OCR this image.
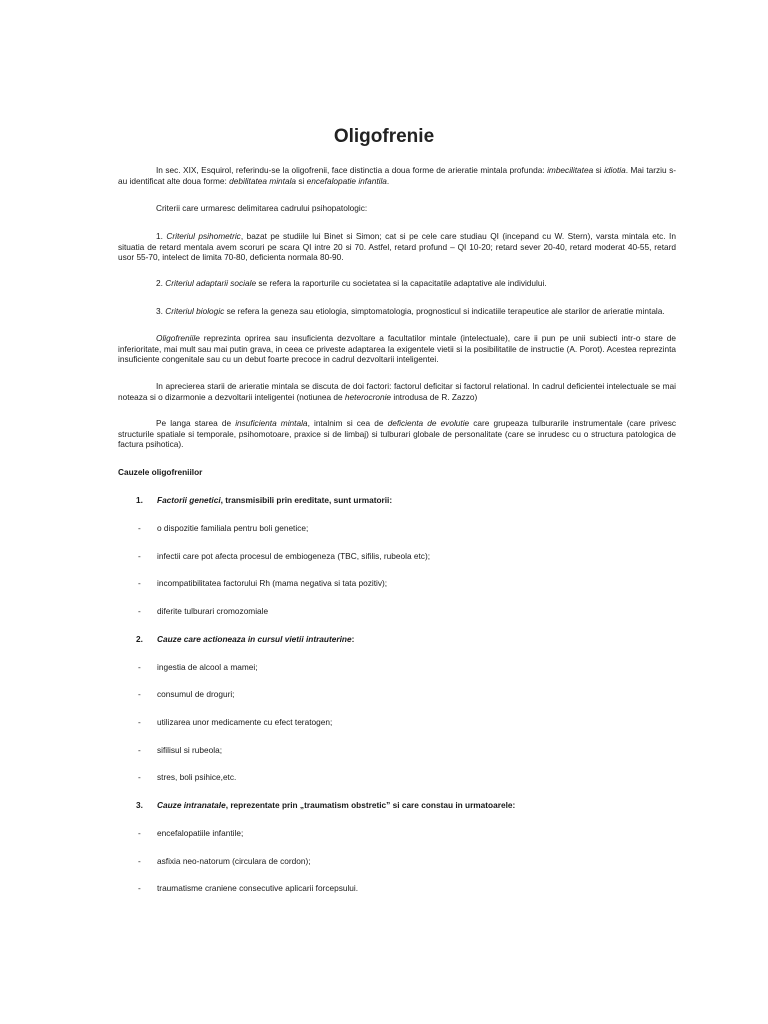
Oligofrenie

In sec. XIX, Esquirol, referindu-se la oligofrenii, face distinctia a doua forme de arieratie mintala profunda: imbecilitatea si idiotia. Mai tarziu s-au identificat alte doua forme: debilitatea mintala si encefalopatie infantila.

Criterii care urmaresc delimitarea cadrului psihopatologic:

1. Criteriul psihometric, bazat pe studiile lui Binet si Simon; cat si pe cele care studiau QI (incepand cu W. Stern), varsta mintala etc. In situatia de retard mentala avem scoruri pe scara QI intre 20 si 70. Astfel, retard profund – QI 10-20; retard sever 20-40, retard moderat 40-55, retard usor 55-70, intelect de limita 70-80, deficienta normala 80-90.

2. Criteriul adaptarii sociale se refera la raporturile cu societatea si la capacitatile adaptative ale individului.

3. Criteriul biologic se refera la geneza sau etiologia, simptomatologia, prognosticul si indicatiile terapeutice ale starilor de arieratie mintala.

Oligofreniile reprezinta oprirea sau insuficienta dezvoltare a facultatilor mintale (intelectuale), care ii pun pe unii subiecti intr-o stare de inferioritate, mai mult sau mai putin grava, in ceea ce priveste adaptarea la exigentele vietii si la posibilitatile de instructie (A. Porot). Acestea reprezinta insuficiente congenitale sau cu un debut foarte precoce in cadrul dezvoltarii inteligentei.

In aprecierea starii de arieratie mintala se discuta de doi factori: factorul deficitar si factorul relational. In cadrul deficientei intelectuale se mai noteaza si o dizarmonie a dezvoltarii inteligentei (notiunea de heterocronie introdusa de R. Zazzo)

Pe langa starea de insuficienta mintala, intalnim si cea de deficienta de evolutie care grupeaza tulburarile instrumentale (care privesc structurile spatiale si temporale, psihomotoare, praxice si de limbaj) si tulburari globale de personalitate (care se inrudesc cu o structura patologica de factura psihotica).

Cauzele oligofreniilor
1. Factorii genetici, transmisibili prin ereditate, sunt urmatorii:
- o dispozitie familiala pentru boli genetice;
- infectii care pot afecta procesul de embiogeneza (TBC, sifilis, rubeola etc);
- incompatibilitatea factorului Rh (mama negativa si tata pozitiv);
- diferite tulburari cromozomiale
2. Cauze care actioneaza in cursul vietii intrauterine:
- ingestia de alcool a mamei;
- consumul de droguri;
- utilizarea unor medicamente cu efect teratogen;
- sifilisul si rubeola;
- stres, boli psihice,etc.
3. Cauze intranatale, reprezentate prin „traumatism obstretic” si care constau in urmatoarele:
- encefalopatiile infantile;
- asfixia neo-natorum (circulara de cordon);
- traumatisme craniene consecutive aplicarii forcepsului.
